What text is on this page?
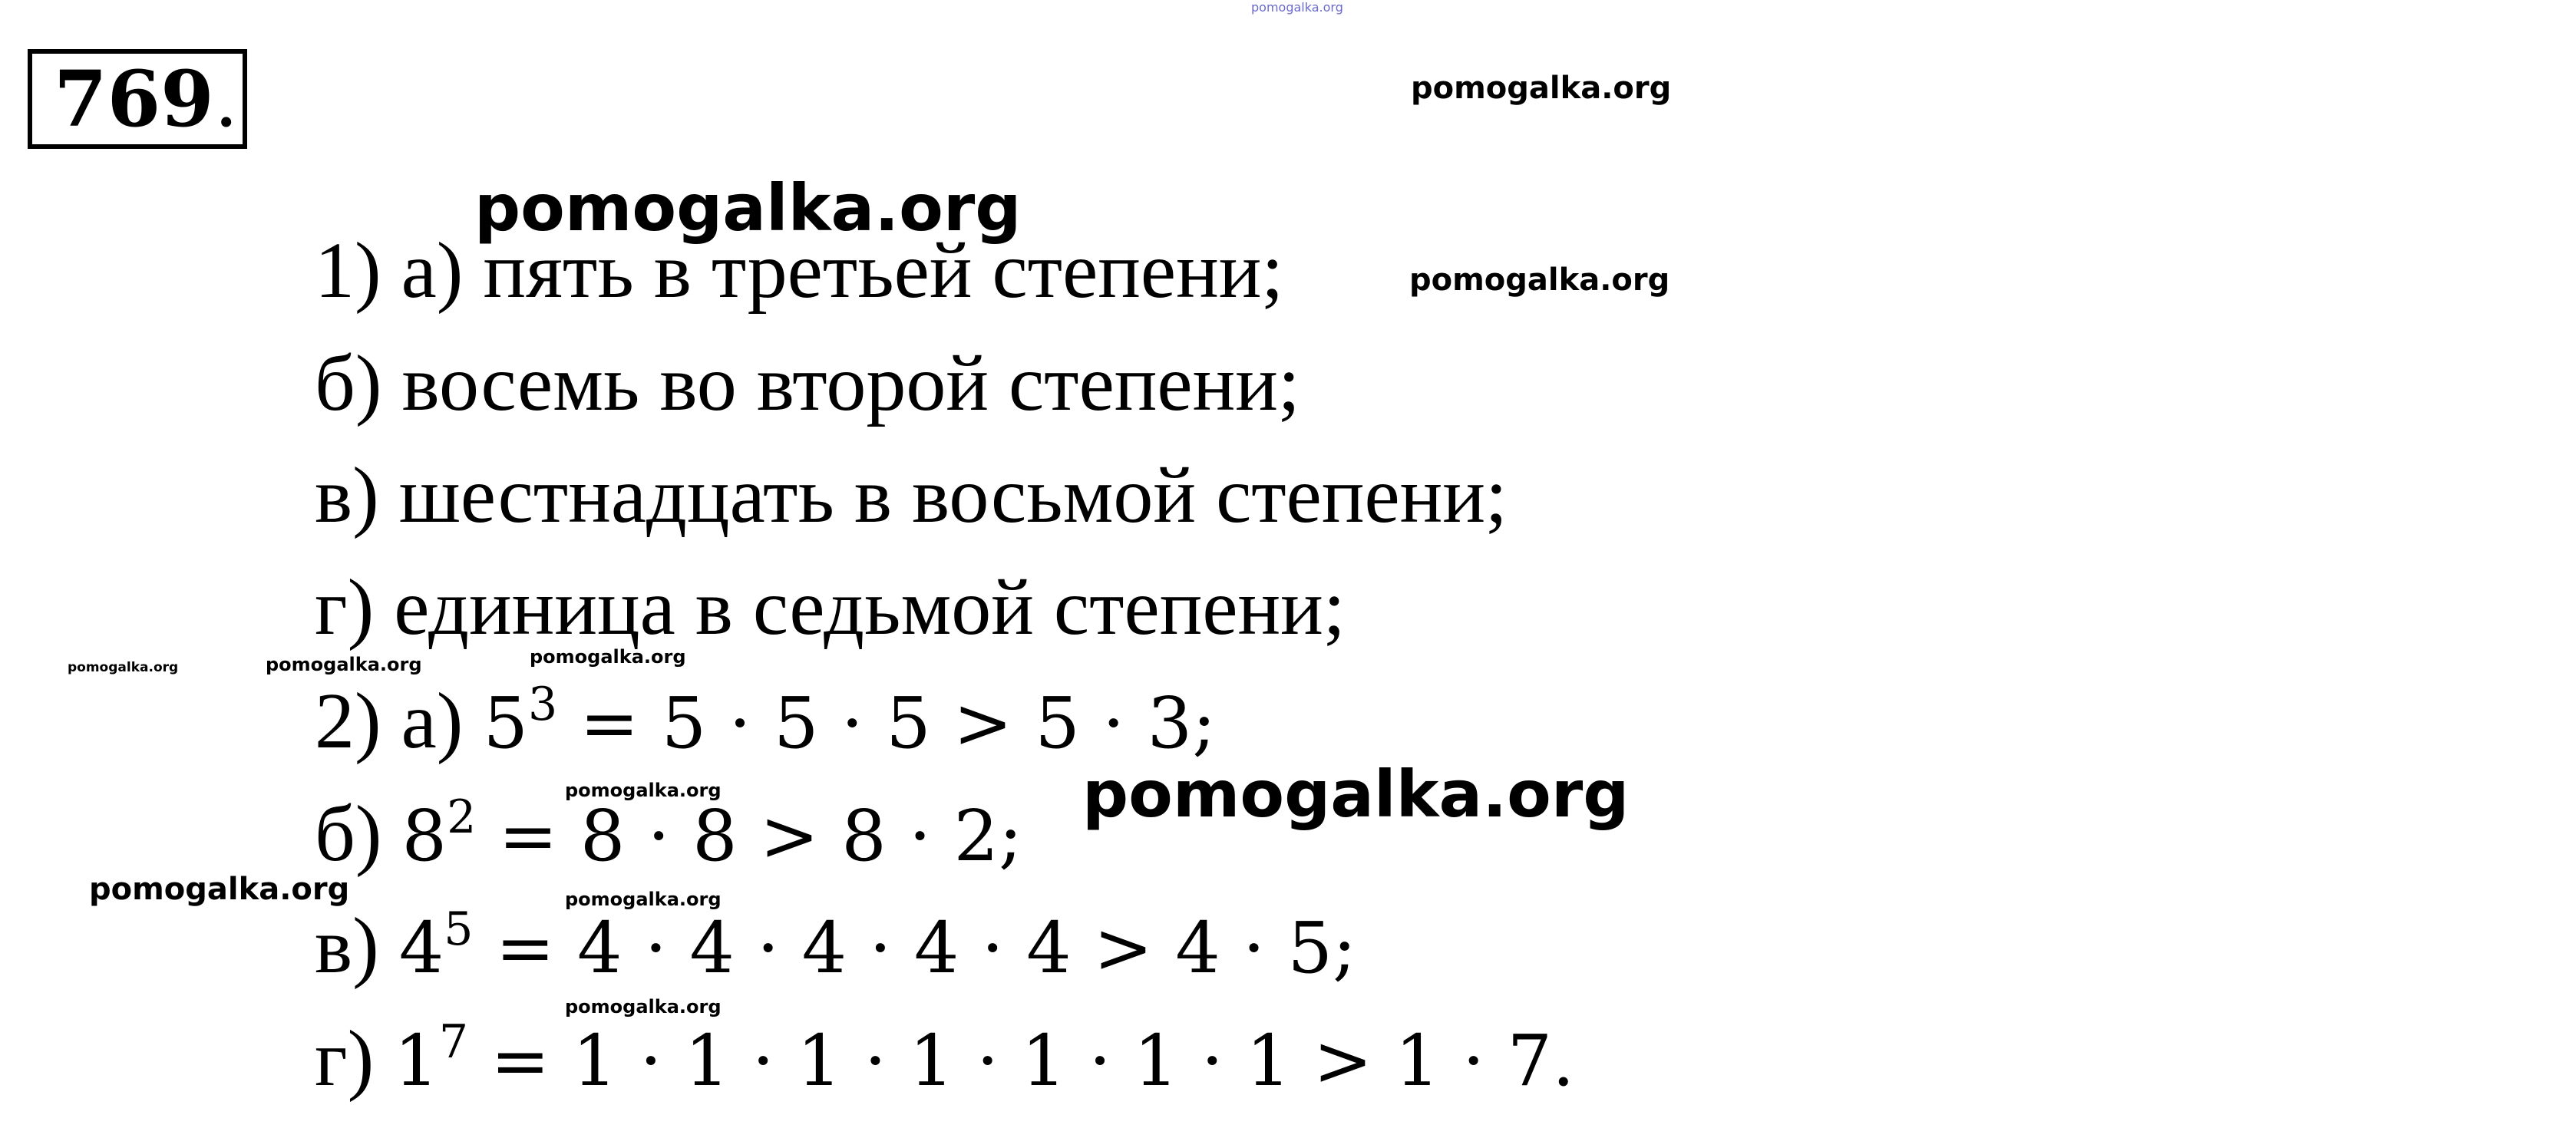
769.
1) а) пять в третьей степени;
б) восемь во второй степени;
в) шестнадцать в восьмой степени;
г) единица в седьмой степени;
2) а) $5^3 = 5 \cdot 5 \cdot 5 > 5 \cdot 3$;
б) $8^2 = 8 \cdot 8 > 8 \cdot 2$;
в) $4^5 = 4 \cdot 4 \cdot 4 \cdot 4 \cdot 4 > 4 \cdot 5$;
г) $1^7 = 1 \cdot 1 \cdot 1 \cdot 1 \cdot 1 \cdot 1 \cdot 1 > 1 \cdot 7$.
pomogalka.org
pomogalka.org
pomogalka.org
pomogalka.org
pomogalka.org	pomogalka.org	pomogalka.org
pomogalka.org	pomogalka.org
pomogalka.org	pomogalka.org
pomogalka.org
